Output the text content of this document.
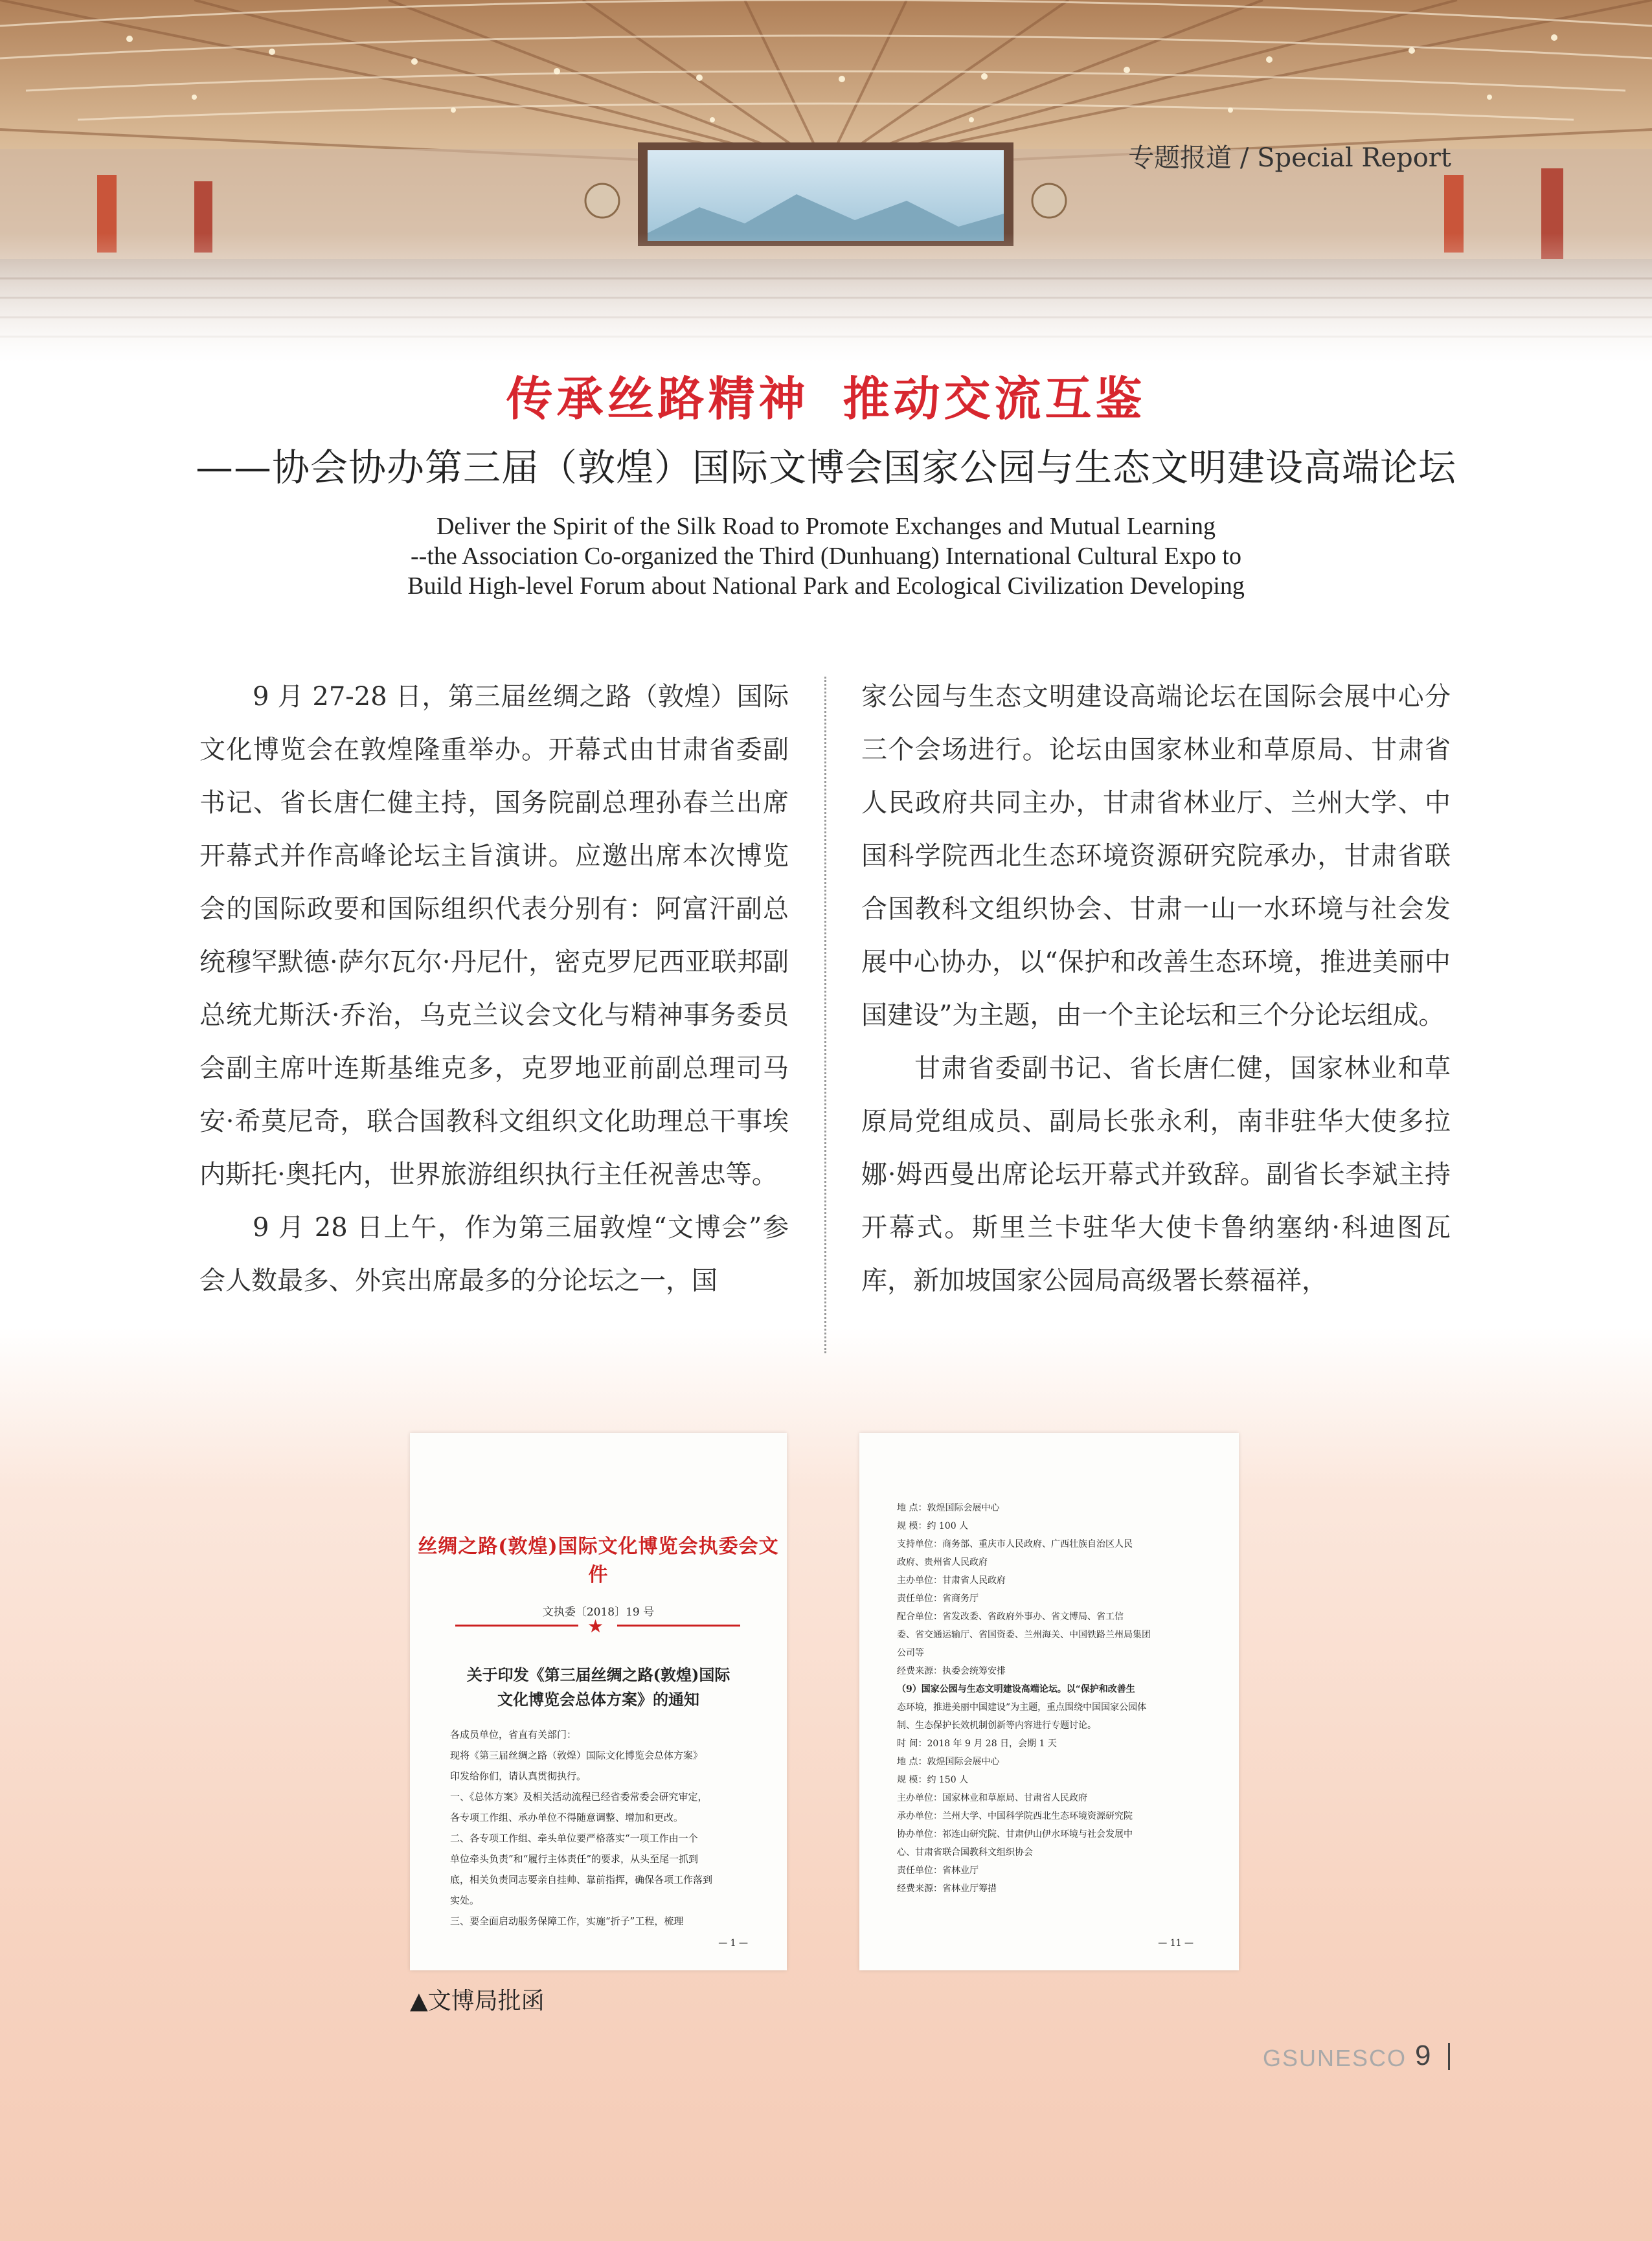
专题报道 / Special Report
传承丝路精神 推动交流互鉴
——协会协办第三届（敦煌）国际文博会国家公园与生态文明建设高端论坛
Deliver the Spirit of the Silk Road to Promote Exchanges and Mutual Learning
--the Association Co-organized the Third (Dunhuang) International Cultural Expo to
Build High-level Forum about National Park and Ecological Civilization Developing

9 月 27-28 日，第三届丝绸之路（敦煌）国际文化博览会在敦煌隆重举办。开幕式由甘肃省委副书记、省长唐仁健主持，国务院副总理孙春兰出席开幕式并作高峰论坛主旨演讲。应邀出席本次博览会的国际政要和国际组织代表分别有：阿富汗副总统穆罕默德·萨尔瓦尔·丹尼什，密克罗尼西亚联邦副总统尤斯沃·乔治，乌克兰议会文化与精神事务委员会副主席叶连斯基维克多，克罗地亚前副总理司马安·希莫尼奇，联合国教科文组织文化助理总干事埃内斯托·奥托内，世界旅游组织执行主任祝善忠等。

9 月 28 日上午，作为第三届敦煌“文博会”参会人数最多、外宾出席最多的分论坛之一，国

家公园与生态文明建设高端论坛在国际会展中心分三个会场进行。论坛由国家林业和草原局、甘肃省人民政府共同主办，甘肃省林业厅、兰州大学、中国科学院西北生态环境资源研究院承办，甘肃省联合国教科文组织协会、甘肃一山一水环境与社会发展中心协办，以“保护和改善生态环境，推进美丽中国建设”为主题，由一个主论坛和三个分论坛组成。

甘肃省委副书记、省长唐仁健，国家林业和草原局党组成员、副局长张永利，南非驻华大使多拉娜·姆西曼出席论坛开幕式并致辞。副省长李斌主持开幕式。斯里兰卡驻华大使卡鲁纳塞纳·科迪图瓦库，新加坡国家公园局高级署长蔡福祥，

丝绸之路(敦煌)国际文化博览会执委会文件
文执委〔2018〕19 号
★
关于印发《第三届丝绸之路(敦煌)国际
文化博览会总体方案》的通知
各成员单位，省直有关部门：
现将《第三届丝绸之路（敦煌）国际文化博览会总体方案》
印发给你们，请认真贯彻执行。
一、《总体方案》及相关活动流程已经省委常委会研究审定，
各专项工作组、承办单位不得随意调整、增加和更改。
二、各专项工作组、牵头单位要严格落实“一项工作由一个
单位牵头负责”和“履行主体责任”的要求，从头至尾一抓到
底，相关负责同志要亲自挂帅、靠前指挥，确保各项工作落到
实处。
三、要全面启动服务保障工作，实施“折子”工程，梳理
— 1 —
地 点：敦煌国际会展中心
规 模：约 100 人
支持单位：商务部、重庆市人民政府、广西壮族自治区人民
政府、贵州省人民政府
主办单位：甘肃省人民政府
责任单位：省商务厅
配合单位：省发改委、省政府外事办、省文博局、省工信
委、省交通运输厅、省国资委、兰州海关、中国铁路兰州局集团
公司等
经费来源：执委会统筹安排
（9）国家公园与生态文明建设高端论坛。以“保护和改善生
态环境，推进美丽中国建设”为主题，重点围绕中国国家公园体
制、生态保护长效机制创新等内容进行专题讨论。
时 间：2018 年 9 月 28 日，会期 1 天
地 点：敦煌国际会展中心
规 模：约 150 人
主办单位：国家林业和草原局、甘肃省人民政府
承办单位：兰州大学、中国科学院西北生态环境资源研究院
协办单位：祁连山研究院、甘肃伊山伊水环境与社会发展中
心、甘肃省联合国教科文组织协会
责任单位：省林业厅
经费来源：省林业厅筹措
— 11 —
▲文博局批函
GSUNESCO 9
